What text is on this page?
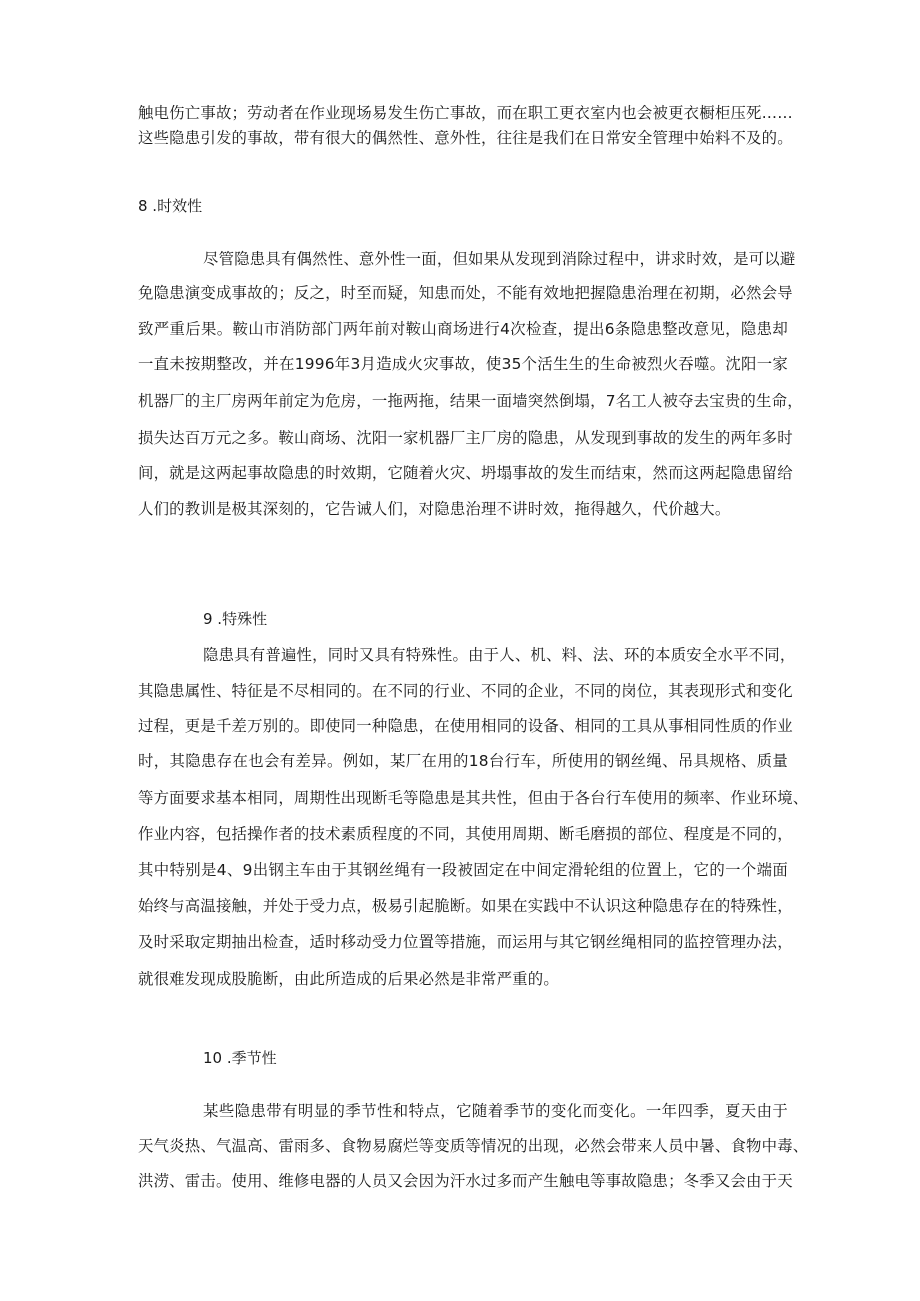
触电伤亡事故；劳动者在作业现场易发生伤亡事故，而在职工更衣室内也会被更衣橱柜压死……
这些隐患引发的事故，带有很大的偶然性、意外性，往往是我们在日常安全管理中始料不及的。
8 .时效性
尽管隐患具有偶然性、意外性一面，但如果从发现到消除过程中，讲求时效，是可以避
免隐患演变成事故的；反之，时至而疑，知患而处，不能有效地把握隐患治理在初期，必然会导
致严重后果。鞍山市消防部门两年前对鞍山商场进行4次检查，提出6条隐患整改意见，隐患却
一直未按期整改，并在1996年3月造成火灾事故，使35个活生生的生命被烈火吞噬。沈阳一家
机器厂的主厂房两年前定为危房，一拖两拖，结果一面墙突然倒塌，7名工人被夺去宝贵的生命，
损失达百万元之多。鞍山商场、沈阳一家机器厂主厂房的隐患，从发现到事故的发生的两年多时
间，就是这两起事故隐患的时效期，它随着火灾、坍塌事故的发生而结束，然而这两起隐患留给
人们的教训是极其深刻的，它告诫人们，对隐患治理不讲时效，拖得越久，代价越大。
9 .特殊性
隐患具有普遍性，同时又具有特殊性。由于人、机、料、法、环的本质安全水平不同，
其隐患属性、特征是不尽相同的。在不同的行业、不同的企业，不同的岗位，其表现形式和变化
过程，更是千差万别的。即使同一种隐患，在使用相同的设备、相同的工具从事相同性质的作业
时，其隐患存在也会有差异。例如，某厂在用的18台行车，所使用的钢丝绳、吊具规格、质量
等方面要求基本相同，周期性出现断毛等隐患是其共性，但由于各台行车使用的频率、作业环境、
作业内容，包括操作者的技术素质程度的不同，其使用周期、断毛磨损的部位、程度是不同的，
其中特别是4、9出钢主车由于其钢丝绳有一段被固定在中间定滑轮组的位置上，它的一个端面
始终与高温接触，并处于受力点，极易引起脆断。如果在实践中不认识这种隐患存在的特殊性，
及时采取定期抽出检查，适时移动受力位置等措施，而运用与其它钢丝绳相同的监控管理办法，
就很难发现成股脆断，由此所造成的后果必然是非常严重的。
10 .季节性
某些隐患带有明显的季节性和特点，它随着季节的变化而变化。一年四季，夏天由于
天气炎热、气温高、雷雨多、食物易腐烂等变质等情况的出现，必然会带来人员中暑、食物中毒、
洪涝、雷击。使用、维修电器的人员又会因为汗水过多而产生触电等事故隐患；冬季又会由于天
